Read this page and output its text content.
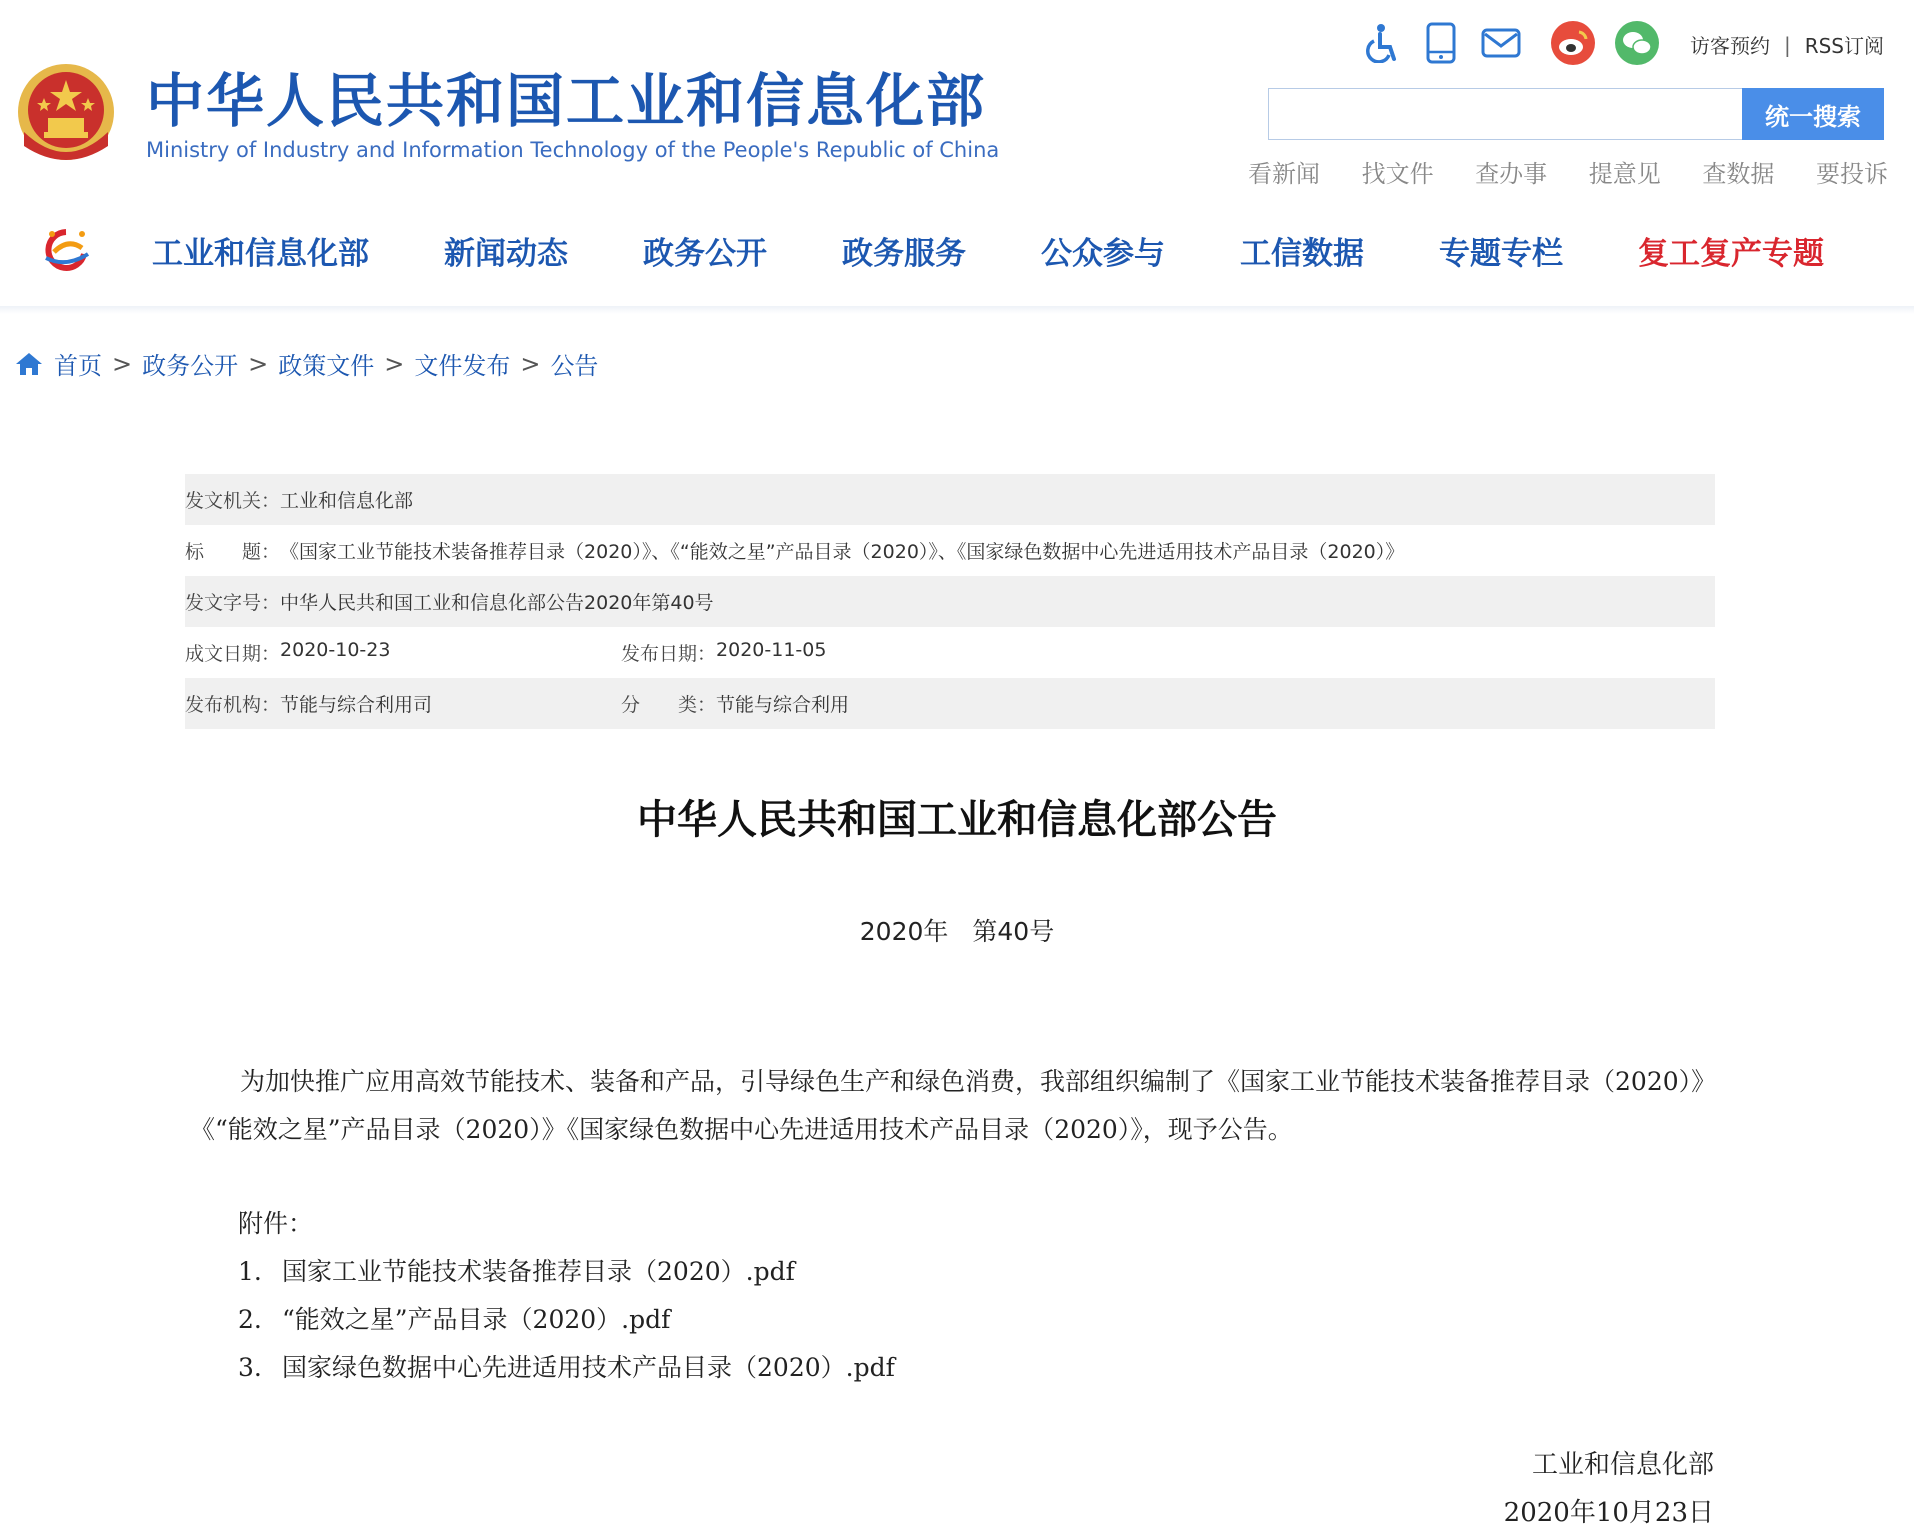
中华人民共和国工业和信息化部
Ministry of Industry and Information Technology of the People's Republic of China
访客预约 | RSS订阅
统一搜索
看新闻 找文件 查办事 提意见 查数据 要投诉
工业和信息化部 新闻动态 政务公开 政务服务 公众参与 工信数据 专题专栏 复工复产专题
首页 > 政务公开 > 政策文件 > 文件发布 > 公告
发文机关： 工业和信息化部
标　　题： 《国家工业节能技术装备推荐目录（2020）》、《“能效之星”产品目录（2020）》、《国家绿色数据中心先进适用技术产品目录（2020）》
发文字号： 中华人民共和国工业和信息化部公告2020年第40号
成文日期： 2020-10-23	发布日期： 2020-11-05
发布机构： 节能与综合利用司	分　　类： 节能与综合利用
中华人民共和国工业和信息化部公告
2020年 第40号
为加快推广应用高效节能技术、装备和产品，引导绿色生产和绿色消费，我部组织编制了《国家工业节能技术装备推荐目录（2020）》《“能效之星”产品目录（2020）》《国家绿色数据中心先进适用技术产品目录（2020）》，现予公告。
附件：
1. 国家工业节能技术装备推荐目录（2020）.pdf
2. “能效之星”产品目录（2020）.pdf
3. 国家绿色数据中心先进适用技术产品目录（2020）.pdf
工业和信息化部
2020年10月23日
